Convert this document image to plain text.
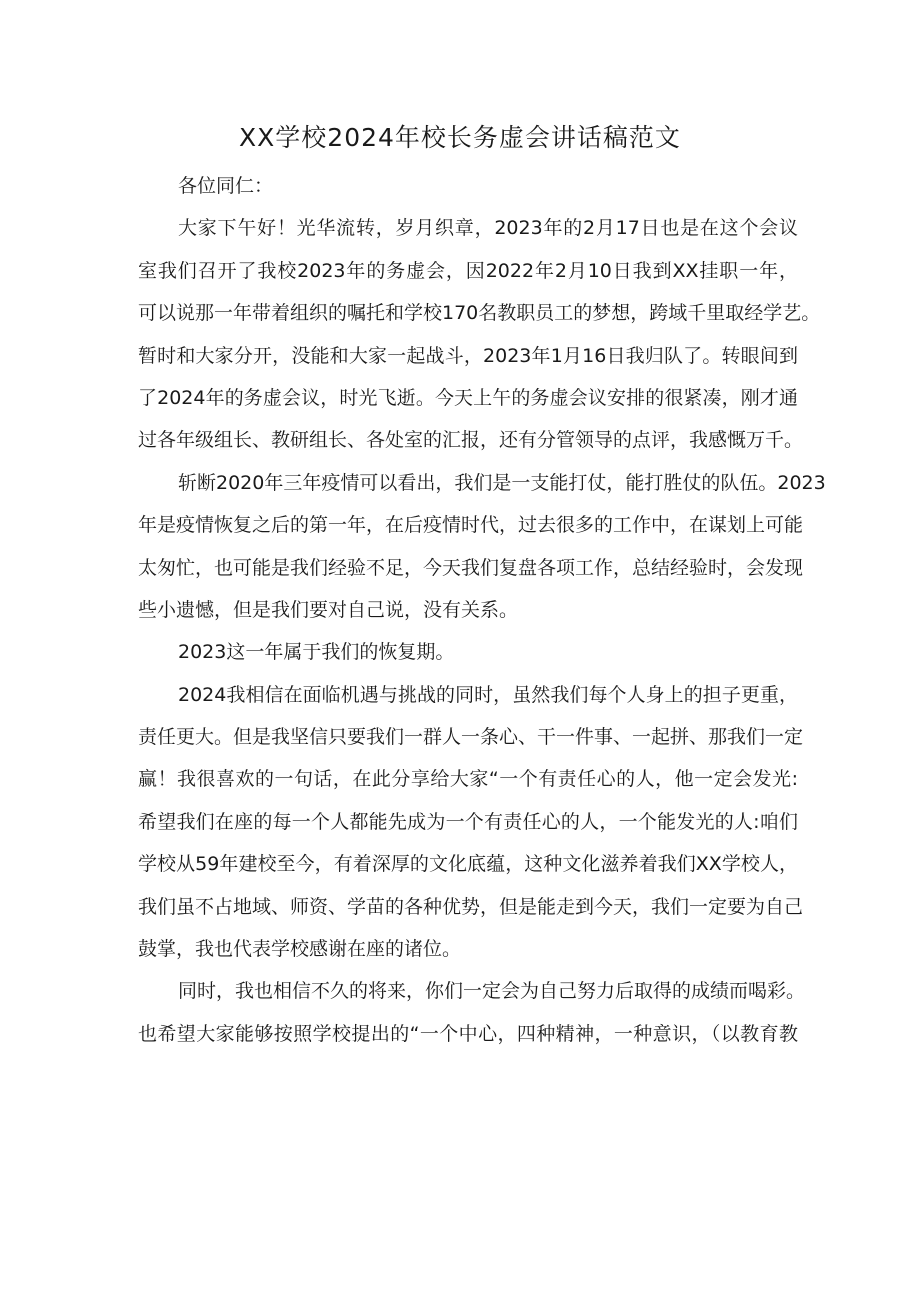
XX学校2024年校长务虚会讲话稿范文

各位同仁：

大家下午好！光华流转，岁月织章，2023年的2月17日也是在这个会议
室我们召开了我校2023年的务虚会，因2022年2月10日我到XX挂职一年，
可以说那一年带着组织的嘱托和学校170名教职员工的梦想，跨域千里取经学艺。
暂时和大家分开，没能和大家一起战斗，2023年1月16日我归队了。转眼间到
了2024年的务虚会议，时光飞逝。今天上午的务虚会议安排的很紧凑，刚才通
过各年级组长、教研组长、各处室的汇报，还有分管领导的点评，我感慨万千。

斩断2020年三年疫情可以看出，我们是一支能打仗，能打胜仗的队伍。2023
年是疫情恢复之后的第一年，在后疫情时代，过去很多的工作中，在谋划上可能
太匆忙，也可能是我们经验不足，今天我们复盘各项工作，总结经验时，会发现
些小遗憾，但是我们要对自己说，没有关系。

2023这一年属于我们的恢复期。

2024我相信在面临机遇与挑战的同时，虽然我们每个人身上的担子更重，
责任更大。但是我坚信只要我们一群人一条心、干一件事、一起拼、那我们一定
赢！我很喜欢的一句话，在此分享给大家“一个有责任心的人，他一定会发光:
希望我们在座的每一个人都能先成为一个有责任心的人，一个能发光的人:咱们
学校从59年建校至今，有着深厚的文化底蕴，这种文化滋养着我们XX学校人，
我们虽不占地域、师资、学苗的各种优势，但是能走到今天，我们一定要为自己
鼓掌，我也代表学校感谢在座的诸位。

同时，我也相信不久的将来，你们一定会为自己努力后取得的成绩而喝彩。
也希望大家能够按照学校提出的“一个中心，四种精神，一种意识，（以教育教
